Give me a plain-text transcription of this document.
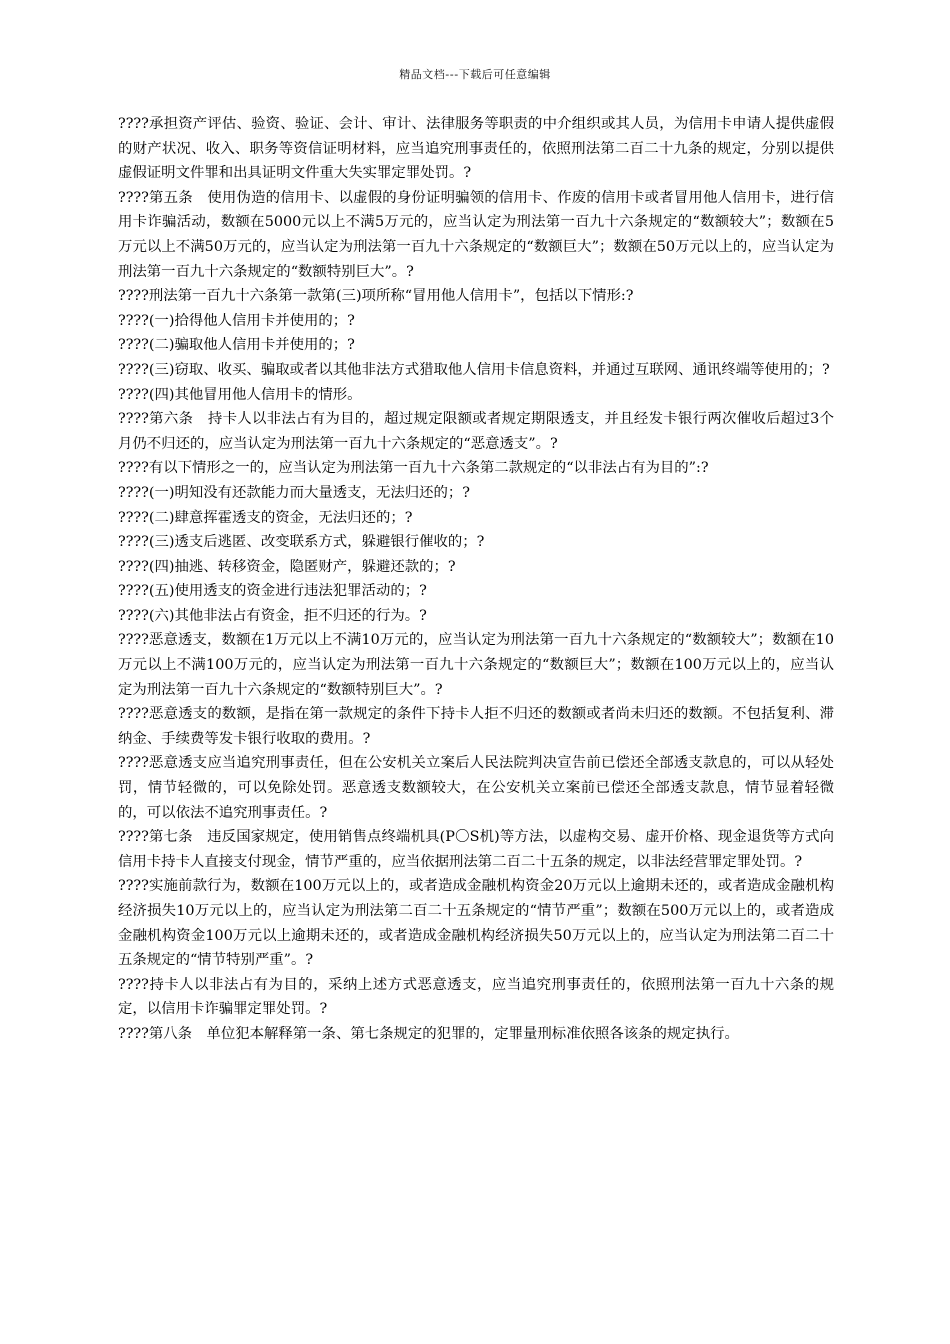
精品文档---下载后可任意编辑

????承担资产评估、验资、验证、会计、审计、法律服务等职责的中介组织或其人员，为信用卡申请人提供虚假的财产状况、收入、职务等资信证明材料，应当追究刑事责任的，依照刑法第二百二十九条的规定，分别以提供虚假证明文件罪和出具证明文件重大失实罪定罪处罚。?

????第五条　使用伪造的信用卡、以虚假的身份证明骗领的信用卡、作废的信用卡或者冒用他人信用卡，进行信用卡诈骗活动，数额在5000元以上不满5万元的，应当认定为刑法第一百九十六条规定的“数额较大”；数额在5万元以上不满50万元的，应当认定为刑法第一百九十六条规定的“数额巨大”；数额在50万元以上的，应当认定为刑法第一百九十六条规定的“数额特别巨大”。?

????刑法第一百九十六条第一款第(三)项所称“冒用他人信用卡”，包括以下情形:?

????(一)拾得他人信用卡并使用的；?

????(二)骗取他人信用卡并使用的；?

????(三)窃取、收买、骗取或者以其他非法方式猎取他人信用卡信息资料，并通过互联网、通讯终端等使用的；?

????(四)其他冒用他人信用卡的情形。

????第六条　持卡人以非法占有为目的，超过规定限额或者规定期限透支，并且经发卡银行两次催收后超过3个月仍不归还的，应当认定为刑法第一百九十六条规定的“恶意透支”。?

????有以下情形之一的，应当认定为刑法第一百九十六条第二款规定的“以非法占有为目的”:?

????(一)明知没有还款能力而大量透支，无法归还的；?

????(二)肆意挥霍透支的资金，无法归还的；?

????(三)透支后逃匿、改变联系方式，躲避银行催收的；?

????(四)抽逃、转移资金，隐匿财产，躲避还款的；?

????(五)使用透支的资金进行违法犯罪活动的；?

????(六)其他非法占有资金，拒不归还的行为。?

????恶意透支，数额在1万元以上不满10万元的，应当认定为刑法第一百九十六条规定的“数额较大”；数额在10万元以上不满100万元的，应当认定为刑法第一百九十六条规定的“数额巨大”；数额在100万元以上的，应当认定为刑法第一百九十六条规定的“数额特别巨大”。?

????恶意透支的数额，是指在第一款规定的条件下持卡人拒不归还的数额或者尚未归还的数额。不包括复利、滞纳金、手续费等发卡银行收取的费用。?

????恶意透支应当追究刑事责任，但在公安机关立案后人民法院判决宣告前已偿还全部透支款息的，可以从轻处罚，情节轻微的，可以免除处罚。恶意透支数额较大，在公安机关立案前已偿还全部透支款息，情节显着轻微的，可以依法不追究刑事责任。?

????第七条　违反国家规定，使用销售点终端机具(P〇S机)等方法，以虚构交易、虚开价格、现金退货等方式向信用卡持卡人直接支付现金，情节严重的，应当依据刑法第二百二十五条的规定，以非法经营罪定罪处罚。?

????实施前款行为，数额在100万元以上的，或者造成金融机构资金20万元以上逾期未还的，或者造成金融机构经济损失10万元以上的，应当认定为刑法第二百二十五条规定的“情节严重”；数额在500万元以上的，或者造成金融机构资金100万元以上逾期未还的，或者造成金融机构经济损失50万元以上的，应当认定为刑法第二百二十五条规定的“情节特别严重”。?

????持卡人以非法占有为目的，采纳上述方式恶意透支，应当追究刑事责任的，依照刑法第一百九十六条的规定，以信用卡诈骗罪定罪处罚。?

????第八条　单位犯本解释第一条、第七条规定的犯罪的，定罪量刑标准依照各该条的规定执行。
